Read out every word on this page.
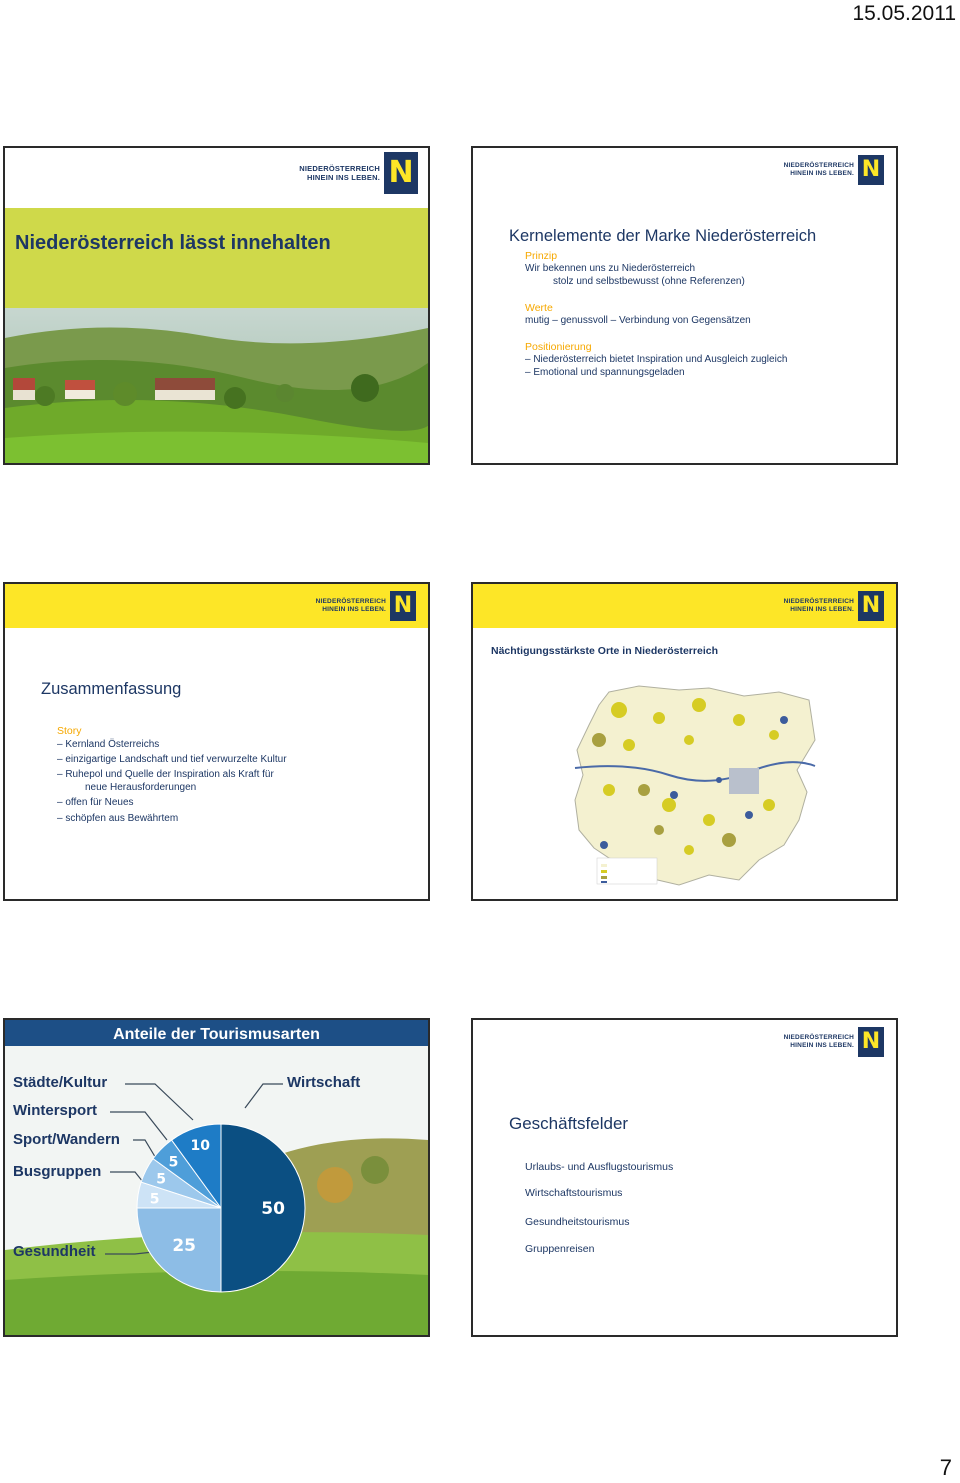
15.05.2011
NIEDERÖSTERREICH
HINEIN INS LEBEN. N
Niederösterreich lässt innehalten
NIEDERÖSTERREICH
HINEIN INS LEBEN. N
Kernelemente der Marke Niederösterreich
Prinzip
Wir bekennen uns zu Niederösterreich
stolz und selbstbewusst (ohne Referenzen)
Werte
mutig – genussvoll – Verbindung von Gegensätzen
Positionierung
– Niederösterreich bietet Inspiration und Ausgleich zugleich
– Emotional und spannungsgeladen
NIEDERÖSTERREICH
HINEIN INS LEBEN. N
Zusammenfassung
Story
– Kernland Österreichs
– einzigartige Landschaft und tief verwurzelte Kultur
– Ruhepol und Quelle der Inspiration als Kraft für
neue Herausforderungen
– offen für Neues
– schöpfen aus Bewährtem
NIEDERÖSTERREICH
HINEIN INS LEBEN. N
Nächtigungsstärkste Orte in Niederösterreich
Anteile der Tourismusarten
Städte/Kultur
Wintersport
Sport/Wandern
Busgruppen
Gesundheit
Wirtschaft
50
25
5
5
5
10
NIEDERÖSTERREICH
HINEIN INS LEBEN. N
Geschäftsfelder
Urlaubs- und Ausflugstourismus
Wirtschaftstourismus
Gesundheitstourismus
Gruppenreisen
7
